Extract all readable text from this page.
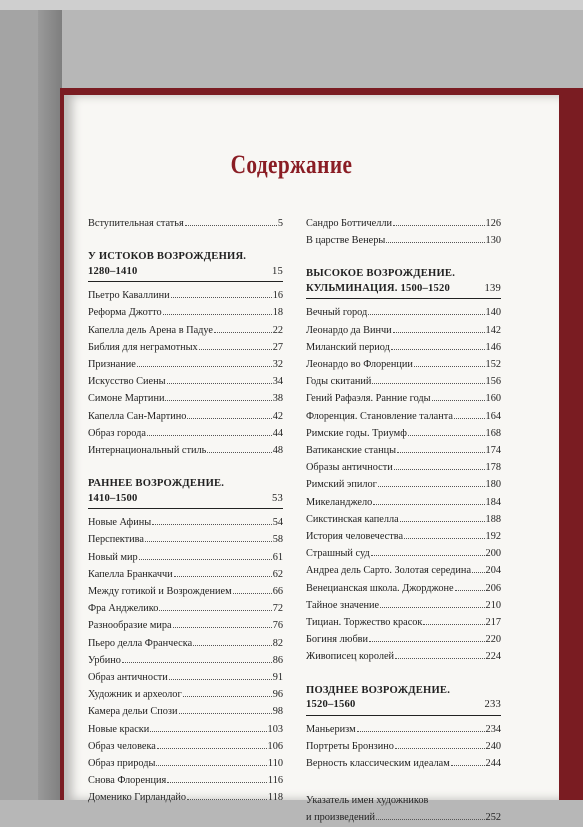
Содержание
Вступительная статья	5
У ИСТОКОВ ВОЗРОЖДЕНИЯ.
1280–1410	15
Пьетро Каваллини	16
Реформа Джотто	18
Капелла дель Арена в Падуе	22
Библия для неграмотных	27
Признание	32
Искусство Сиены	34
Симоне Мартини	38
Капелла Сан-Мартино	42
Образ города	44
Интернациональный стиль	48
РАННЕЕ ВОЗРОЖДЕНИЕ.
1410–1500	53
Новые Афины	54
Перспектива	58
Новый мир	61
Капелла Бранкаччи	62
Между готикой и Возрождением	66
Фра Анджелико	72
Разнообразие мира	76
Пьеро делла Франческа	82
Урбино	86
Образ античности	91
Художник и археолог	96
Камера дельи Спози	98
Новые краски	103
Образ человека	106
Образ природы	110
Снова Флоренция	116
Доменико Гирландайо	118
Сандро Боттичелли	126
В царстве Венеры	130
ВЫСОКОЕ ВОЗРОЖДЕНИЕ.
КУЛЬМИНАЦИЯ. 1500–1520	139
Вечный город	140
Леонардо да Винчи	142
Миланский период	146
Леонардо во Флоренции	152
Годы скитаний	156
Гений Рафаэля. Ранние годы	160
Флоренция. Становление таланта	164
Римские годы. Триумф	168
Ватиканские станцы	174
Образы античности	178
Римский эпилог	180
Микеланджело	184
Сикстинская капелла	188
История человечества	192
Страшный суд	200
Андреа дель Сарто. Золотая середина 204
Венецианская школа. Джорджоне	206
Тайное значение	210
Тициан. Торжество красок	217
Богиня любви	220
Живописец королей	224
ПОЗДНЕЕ ВОЗРОЖДЕНИЕ.
1520–1560	233
Маньеризм	234
Портреты Бронзино	240
Верность классическим идеалам	244
Указатель имен художников
и произведений	252
